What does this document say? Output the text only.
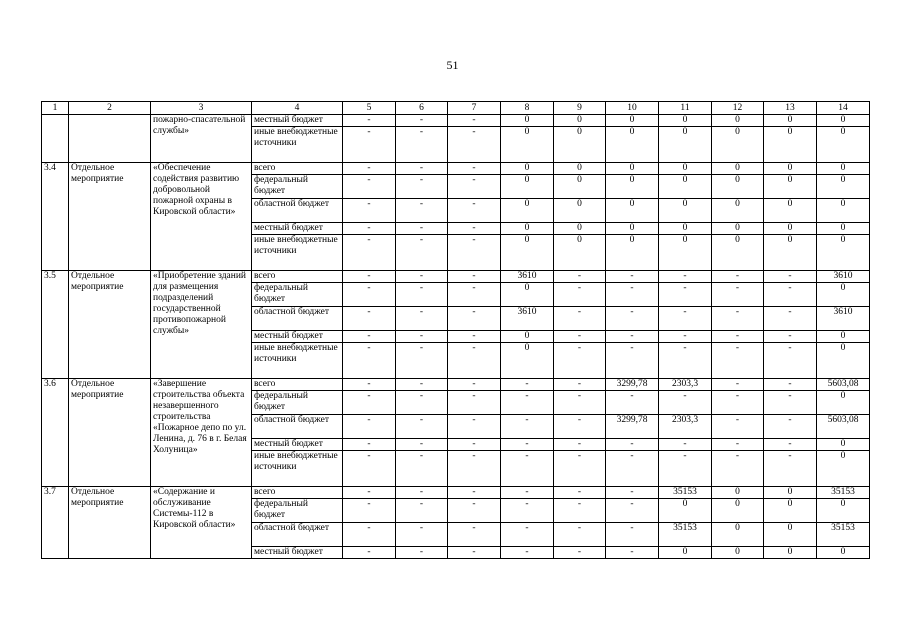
51
1	2	3	4	5	6	7	8	9	10	11	12	13	14
		пожарно-спасательной службы»	местный бюджет	-	-	-	0	0	0	0	0	0	0
			иные внебюджетные источники	-	-	-	0	0	0	0	0	0	0
3.4	Отдельное мероприятие	«Обеспечение содействия развитию добровольной пожарной охраны в Кировской области»	всего	-	-	-	0	0	0	0	0	0	0
			федеральный бюджет	-	-	-	0	0	0	0	0	0	0
			областной бюджет	-	-	-	0	0	0	0	0	0	0
			местный бюджет	-	-	-	0	0	0	0	0	0	0
			иные внебюджетные источники	-	-	-	0	0	0	0	0	0	0
3.5	Отдельное мероприятие	«Приобретение зданий для размещения подразделений государственной противопожарной службы»	всего	-	-	-	3610	-	-	-	-	-	3610
			федеральный бюджет	-	-	-	0	-	-	-	-	-	0
			областной бюджет	-	-	-	3610	-	-	-	-	-	3610
			местный бюджет	-	-	-	0	-	-	-	-	-	0
			иные внебюджетные источники	-	-	-	0	-	-	-	-	-	0
3.6	Отдельное мероприятие	«Завершение строительства объекта незавершенного строительства «Пожарное депо по ул. Ленина, д. 76 в г. Белая Холуница»	всего	-	-	-	-	-	3299,78	2303,3	-	-	5603,08
			федеральный бюджет	-	-	-	-	-	-	-	-	-	0
			областной бюджет	-	-	-	-	-	3299,78	2303,3	-	-	5603,08
			местный бюджет	-	-	-	-	-	-	-	-	-	0
			иные внебюджетные источники	-	-	-	-	-	-	-	-	-	0
3.7	Отдельное мероприятие	«Содержание и обслуживание Системы-112 в Кировской области»	всего	-	-	-	-	-	-	35153	0	0	35153
			федеральный бюджет	-	-	-	-	-	-	0	0	0	0
			областной бюджет	-	-	-	-	-	-	35153	0	0	35153
			местный бюджет	-	-	-	-	-	-	0	0	0	0
